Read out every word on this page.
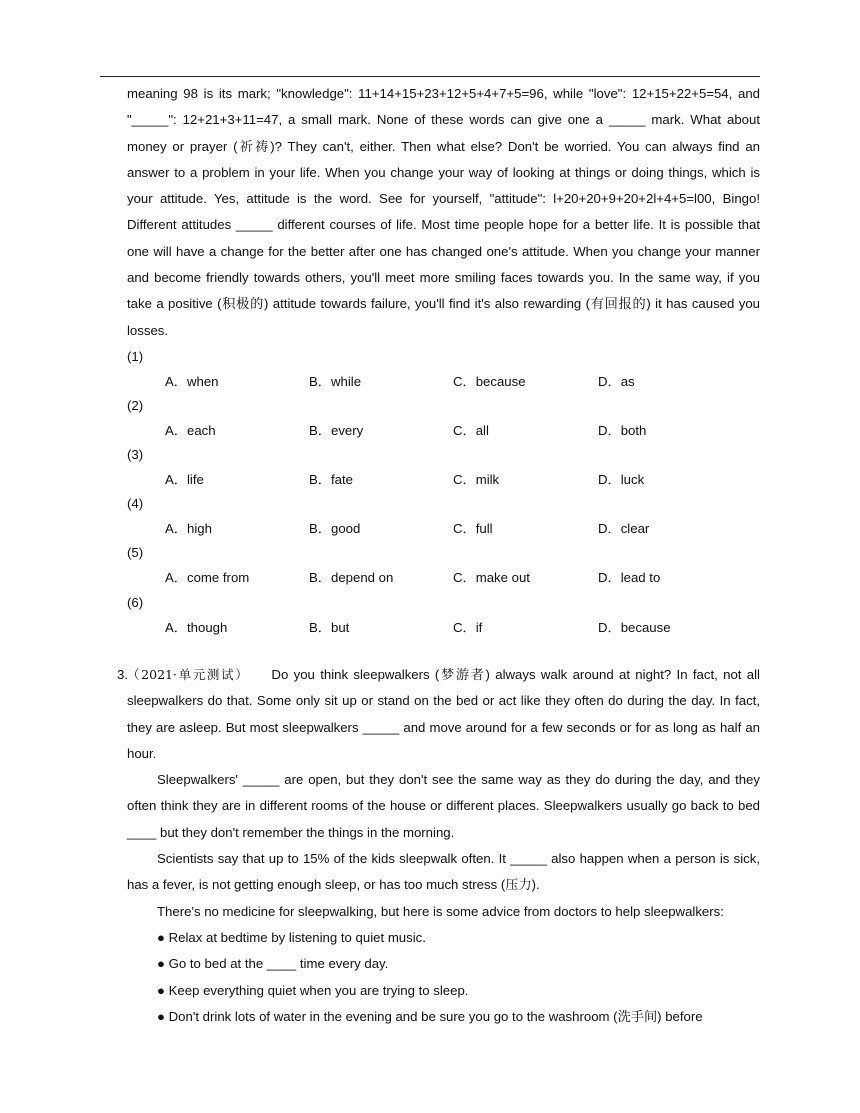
meaning 98 is its mark; "knowledge": 11+14+15+23+12+5+4+7+5=96, while "love": 12+15+22+5=54, and "_____": 12+21+3+11=47, a small mark. None of these words can give one a _____ mark. What about money or prayer (祈祷)? They can't, either. Then what else? Don't be worried. You can always find an answer to a problem in your life. When you change your way of looking at things or doing things, which is your attitude. Yes, attitude is the word. See for yourself, "attitude": l+20+20+9+20+2l+4+5=l00, Bingo! Different attitudes _____ different courses of life. Most time people hope for a better life. It is possible that one will have a change for the better after one has changed one's attitude. When you change your manner and become friendly towards others, you'll meet more smiling faces towards you. In the same way, if you take a positive (积极的) attitude towards failure, you'll find it's also rewarding (有回报的) it has caused you losses.

(1)
A．when	B．while	C．because	D．as
(2)
A．each	B．every	C．all	D．both
(3)
A．life	B．fate	C．milk	D．luck
(4)
A．high	B．good	C．full	D．clear
(5)
A．come from	B．depend on	C．make out	D．lead to
(6)
A．though	B．but	C．if	D．because
3. （2021·单元测试） Do you think sleepwalkers (梦游者) always walk around at night? In fact, not all sleepwalkers do that. Some only sit up or stand on the bed or act like they often do during the day. In fact, they are asleep. But most sleepwalkers _____ and move around for a few seconds or for as long as half an hour.

Sleepwalkers' _____ are open, but they don't see the same way as they do during the day, and they often think they are in different rooms of the house or different places. Sleepwalkers usually go back to bed ____ but they don't remember the things in the morning.

Scientists say that up to 15% of the kids sleepwalk often. It _____ also happen when a person is sick, has a fever, is not getting enough sleep, or has too much stress (压力).

There's no medicine for sleepwalking, but here is some advice from doctors to help sleepwalkers:

● Relax at bedtime by listening to quiet music.

● Go to bed at the ____ time every day.

● Keep everything quiet when you are trying to sleep.

● Don't drink lots of water in the evening and be sure you go to the washroom (洗手间) before
